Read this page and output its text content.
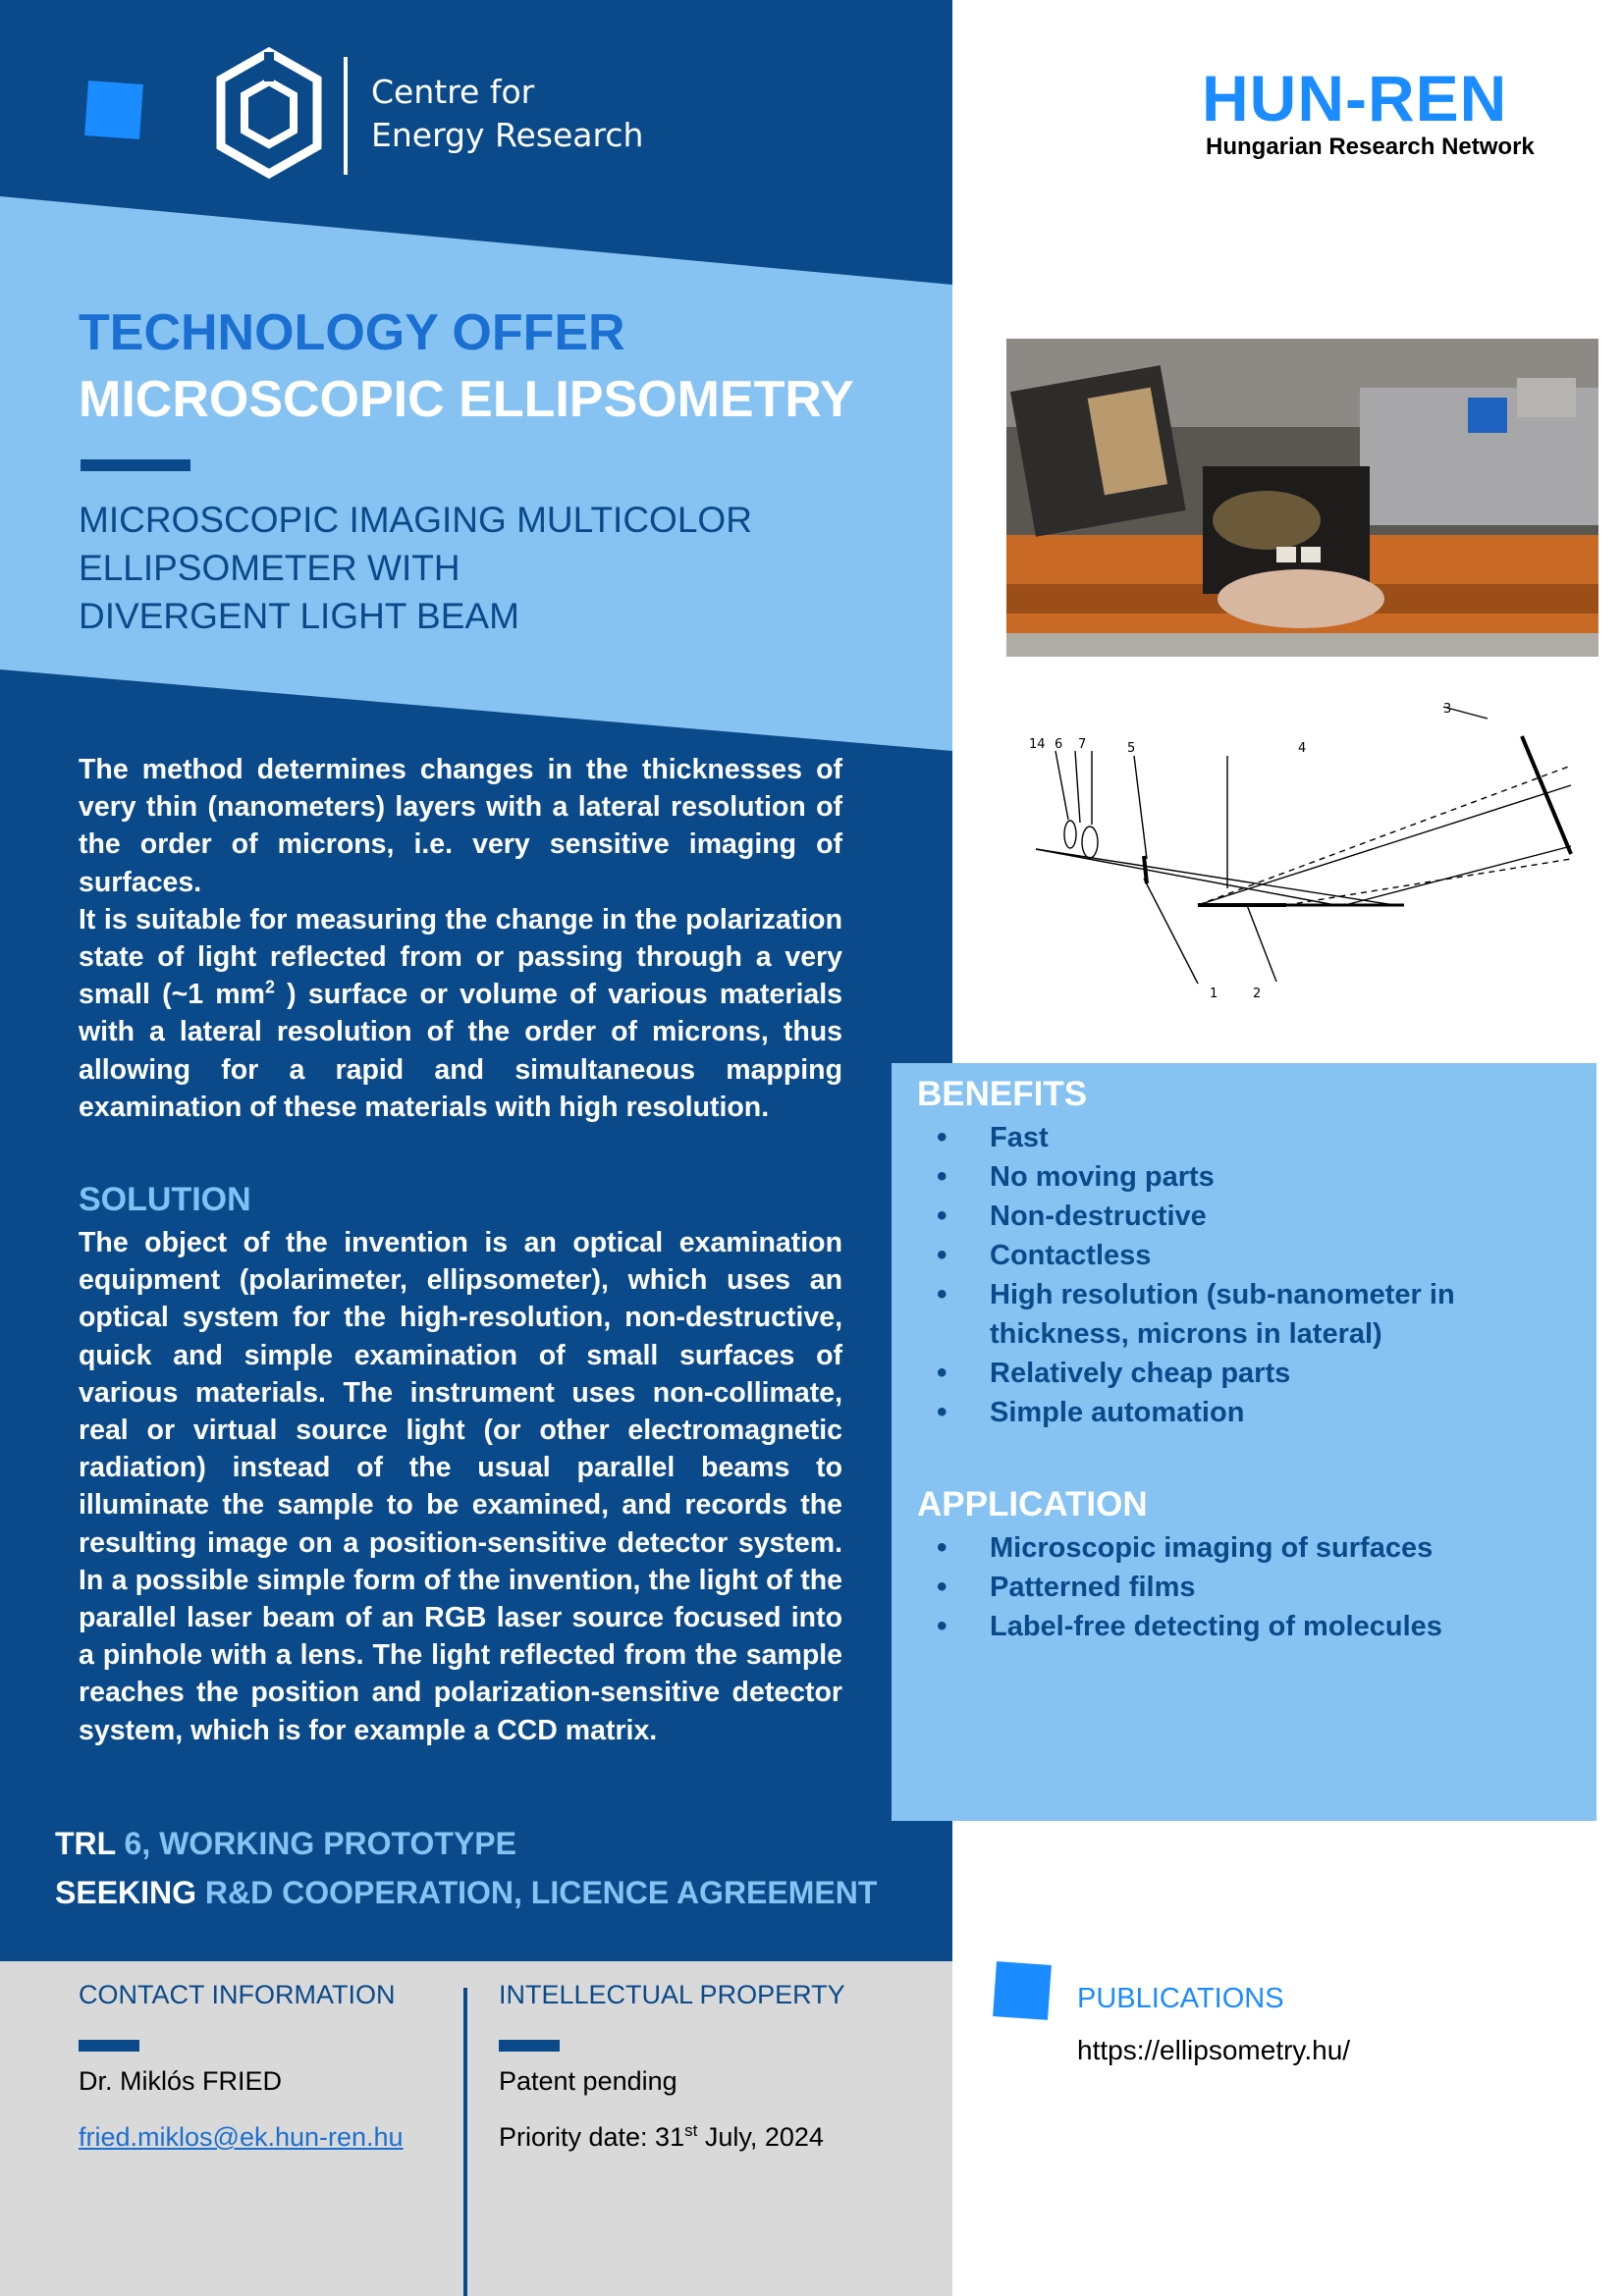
Centre for
Energy Research
HUN-REN
Hungarian Research Network
TECHNOLOGY OFFER
MICROSCOPIC ELLIPSOMETRY
MICROSCOPIC IMAGING MULTICOLOR
ELLIPSOMETER WITH
DIVERGENT LIGHT BEAM
14 6 7	5	4
3
1	2

The method determines changes in the thicknesses of very thin (nanometers) layers with a lateral resolution of the order of microns, i.e. very sensitive imaging of surfaces.

It is suitable for measuring the change in the polarization state of light reflected from or passing through a very small (~1 $mm^2$ ) surface or volume of various materials with a lateral resolution of the order of microns, thus allowing for a rapid and simultaneous mapping examination of these materials with high resolution.

SOLUTION
The object of the invention is an optical examination equipment (polarimeter, ellipsometer), which uses an optical system for the high-resolution, non-destructive, quick and simple examination of small surfaces of various materials. The instrument uses non-collimate, real or virtual source light (or other electromagnetic radiation) instead of the usual parallel beams to illuminate the sample to be examined, and records the resulting image on a position-sensitive detector system. In a possible simple form of the invention, the light of the parallel laser beam of an RGB laser source focused into a pinhole with a lens. The light reflected from the sample reaches the position and polarization-sensitive detector system, which is for example a CCD matrix.
TRL 6, WORKING PROTOTYPE
SEEKING R&D COOPERATION, LICENCE AGREEMENT
BENEFITS
• Fast
• No moving parts
• Non-destructive
• Contactless
• High resolution (sub-nanometer in thickness, microns in lateral)
• Relatively cheap parts
• Simple automation
APPLICATION
• Microscopic imaging of surfaces
• Patterned films
• Label-free detecting of molecules
CONTACT INFORMATION
Dr. Miklós FRIED
fried.miklos@ek.hun-ren.hu
INTELLECTUAL PROPERTY
Patent pending
Priority date: 31st July, 2024
PUBLICATIONS
https://ellipsometry.hu/
